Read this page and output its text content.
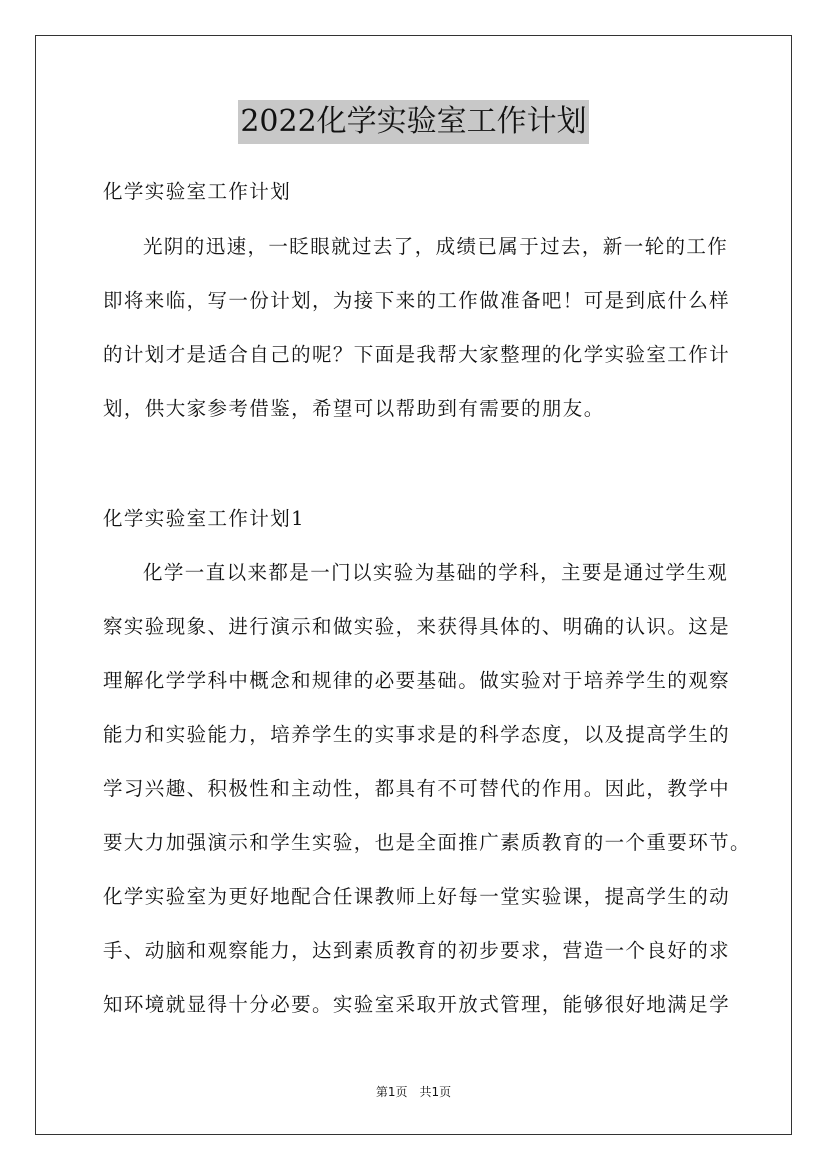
2022化学实验室工作计划
化学实验室工作计划
光阴的迅速，一眨眼就过去了，成绩已属于过去，新一轮的工作
即将来临，写一份计划，为接下来的工作做准备吧！可是到底什么样
的计划才是适合自己的呢？下面是我帮大家整理的化学实验室工作计
划，供大家参考借鉴，希望可以帮助到有需要的朋友。
化学实验室工作计划1
化学一直以来都是一门以实验为基础的学科，主要是通过学生观
察实验现象、进行演示和做实验，来获得具体的、明确的认识。这是
理解化学学科中概念和规律的必要基础。做实验对于培养学生的观察
能力和实验能力，培养学生的实事求是的科学态度，以及提高学生的
学习兴趣、积极性和主动性，都具有不可替代的作用。因此，教学中
要大力加强演示和学生实验，也是全面推广素质教育的一个重要环节。
化学实验室为更好地配合任课教师上好每一堂实验课，提高学生的动
手、动脑和观察能力，达到素质教育的初步要求，营造一个良好的求
知环境就显得十分必要。实验室采取开放式管理，能够很好地满足学
第1页 共1页
